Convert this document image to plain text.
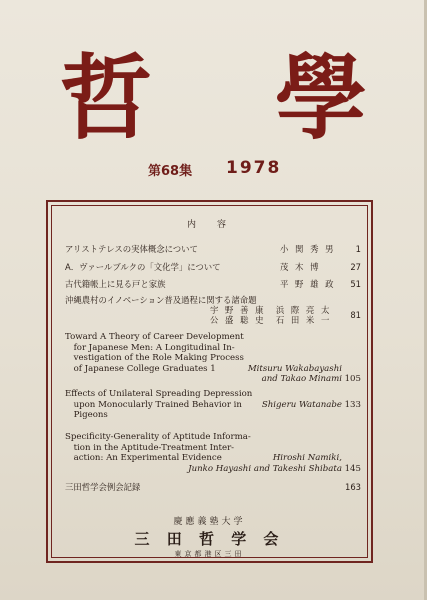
哲 學
第68集 1978
内　容
アリストテレスの実体概念について	小 関 秀 男 1
A．ヴァールブルクの「文化学」について	茂 木 博	27
古代籍帳上に見る戸と家族	平 野 雄 政 51
沖縄農村のイノベーション普及過程に関する諸命題
宇 野 善 康　浜 際 亮 太
公 盛 聡 史　石 田 米 一 81
Toward A Theory of Career Development
　for Japanese Men: A Longitudinal In-
　vestigation of the Role Making Process
　of Japanese College Graduates 1	Mitsuru Wakabayashi
and Takao Minami 105
Effects of Unilateral Spreading Depression
　upon Monocularly Trained Behavior in
　Pigeons
Shigeru Watanabe 133
Specificity-Generality of Aptitude Informa-
　tion in the Aptitude-Treatment Inter-
　action: An Experimental Evidence	Hiroshi Namiki,
Junko Hayashi and Takeshi Shibata 145
三田哲学会例会記録	163
慶應義塾大学
三 田 哲 学 会
東京都港区三田
